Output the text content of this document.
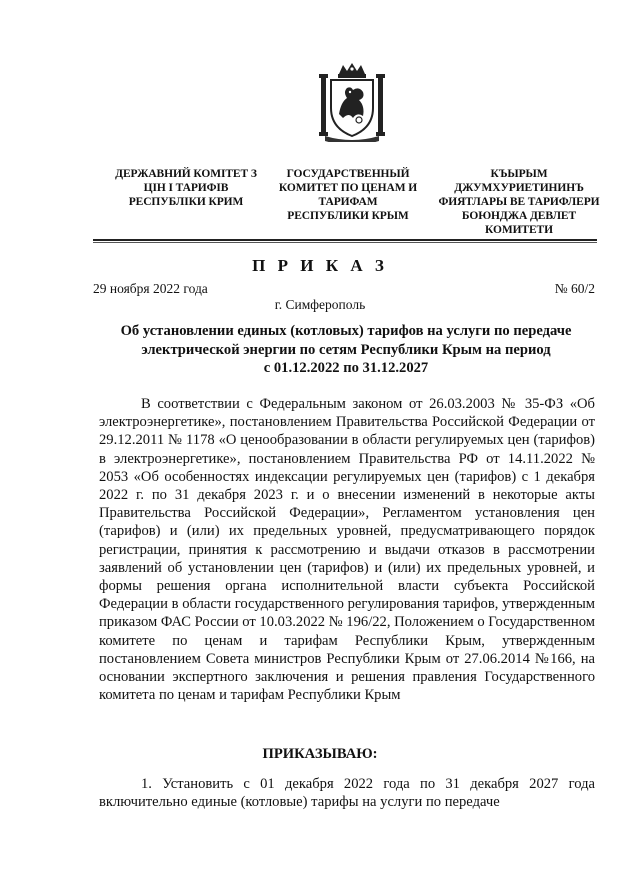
ДЕРЖАВНИЙ КОМІТЕТ З
ЦІН І ТАРИФІВ
РЕСПУБЛІКИ КРИМ
ГОСУДАРСТВЕННЫЙ
КОМИТЕТ ПО ЦЕНАМ И
ТАРИФАМ
РЕСПУБЛИКИ КРЫМ
КЪЫРЫМ
ДЖУМХУРИЕТИНИНЪ
ФИЯТЛАРЫ ВЕ ТАРИФЛЕРИ
БОЮНДЖА ДЕВЛЕТ
КОМИТЕТИ
П Р И К А З
29 ноября 2022 года	№ 60/2
г. Симферополь
Об установлении единых (котловых) тарифов на услуги по передаче
электрической энергии по сетям Республики Крым на период
с 01.12.2022 по 31.12.2027
В соответствии с Федеральным законом от 26.03.2003 № 35-ФЗ «Об электроэнергетике», постановлением Правительства Российской Федерации от 29.12.2011 № 1178 «О ценообразовании в области регулируемых цен (тарифов) в электроэнергетике», постановлением Правительства РФ от 14.11.2022 № 2053 «Об особенностях индексации регулируемых цен (тарифов) с 1 декабря 2022 г. по 31 декабря 2023 г. и о внесении изменений в некоторые акты Правительства Российской Федерации», Регламентом установления цен (тарифов) и (или) их предельных уровней, предусматривающего порядок регистрации, принятия к рассмотрению и выдачи отказов в рассмотрении заявлений об установлении цен (тарифов) и (или) их предельных уровней, и формы решения органа исполнительной власти субъекта Российской Федерации в области государственного регулирования тарифов, утвержденным приказом ФАС России от 10.03.2022 № 196/22, Положением о Государственном комитете по ценам и тарифам Республики Крым, утвержденным постановлением Совета министров Республики Крым от 27.06.2014 №166, на основании экспертного заключения и решения правления Государственного комитета по ценам и тарифам Республики Крым
ПРИКАЗЫВАЮ:
1. Установить с 01 декабря 2022 года по 31 декабря 2027 года включительно единые (котловые) тарифы на услуги по передаче
